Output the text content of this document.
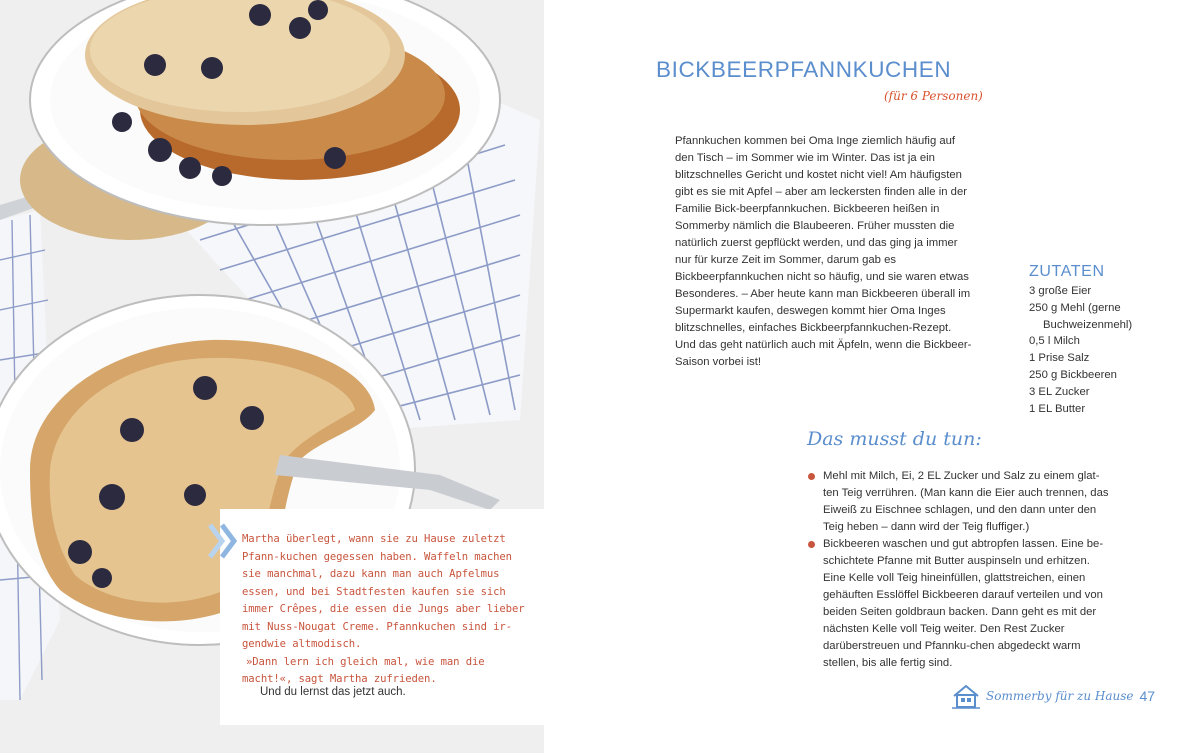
Martha überlegt, wann sie zu Hause zuletzt Pfann-kuchen gegessen haben. Waffeln machen sie manchmal, dazu kann man auch Apfelmus essen, und bei Stadtfesten kaufen sie sich immer Crêpes, die essen die Jungs aber lieber mit Nuss-Nougat Creme. Pfannkuchen sind ir-gendwie altmodisch.

»Dann lern ich gleich mal, wie man die macht!«, sagt Martha zufrieden.

Und du lernst das jetzt auch.
BICKBEERPFANNKUCHEN
(für 6 Personen)

Pfannkuchen kommen bei Oma Inge ziemlich häufig auf den Tisch – im Sommer wie im Winter. Das ist ja ein blitzschnelles Gericht und kostet nicht viel! Am häufigsten gibt es sie mit Apfel – aber am leckersten finden alle in der Familie Bick-beerpfannkuchen. Bickbeeren heißen in Sommerby nämlich die Blaubeeren. Früher mussten die natürlich zuerst gepflückt werden, und das ging ja immer nur für kurze Zeit im Sommer, darum gab es Bickbeerpfannkuchen nicht so häufig, und sie waren etwas Besonderes. – Aber heute kann man Bickbeeren überall im Supermarkt kaufen, deswegen kommt hier Oma Inges blitzschnelles, einfaches Bickbeerpfannkuchen-Rezept. Und das geht natürlich auch mit Äpfeln, wenn die Bickbeer-Saison vorbei ist!

ZUTATEN
3 große Eier
250 g Mehl (gerne
Buchweizenmehl)
0,5 l Milch
1 Prise Salz
250 g Bickbeeren
3 EL Zucker
1 EL Butter
Das musst du tun:
Mehl mit Milch, Ei, 2 EL Zucker und Salz zu einem glat-ten Teig verrühren. (Man kann die Eier auch trennen, das Eiweiß zu Eischnee schlagen, und den dann unter den Teig heben – dann wird der Teig fluffiger.)
Bickbeeren waschen und gut abtropfen lassen. Eine be-schichtete Pfanne mit Butter auspinseln und erhitzen. Eine Kelle voll Teig hineinfüllen, glattstreichen, einen gehäuften Esslöffel Bickbeeren darauf verteilen und von beiden Seiten goldbraun backen. Dann geht es mit der nächsten Kelle voll Teig weiter. Den Rest Zucker darüberstreuen und Pfannku-chen abgedeckt warm stellen, bis alle fertig sind.
Sommerby für zu Hause 47
